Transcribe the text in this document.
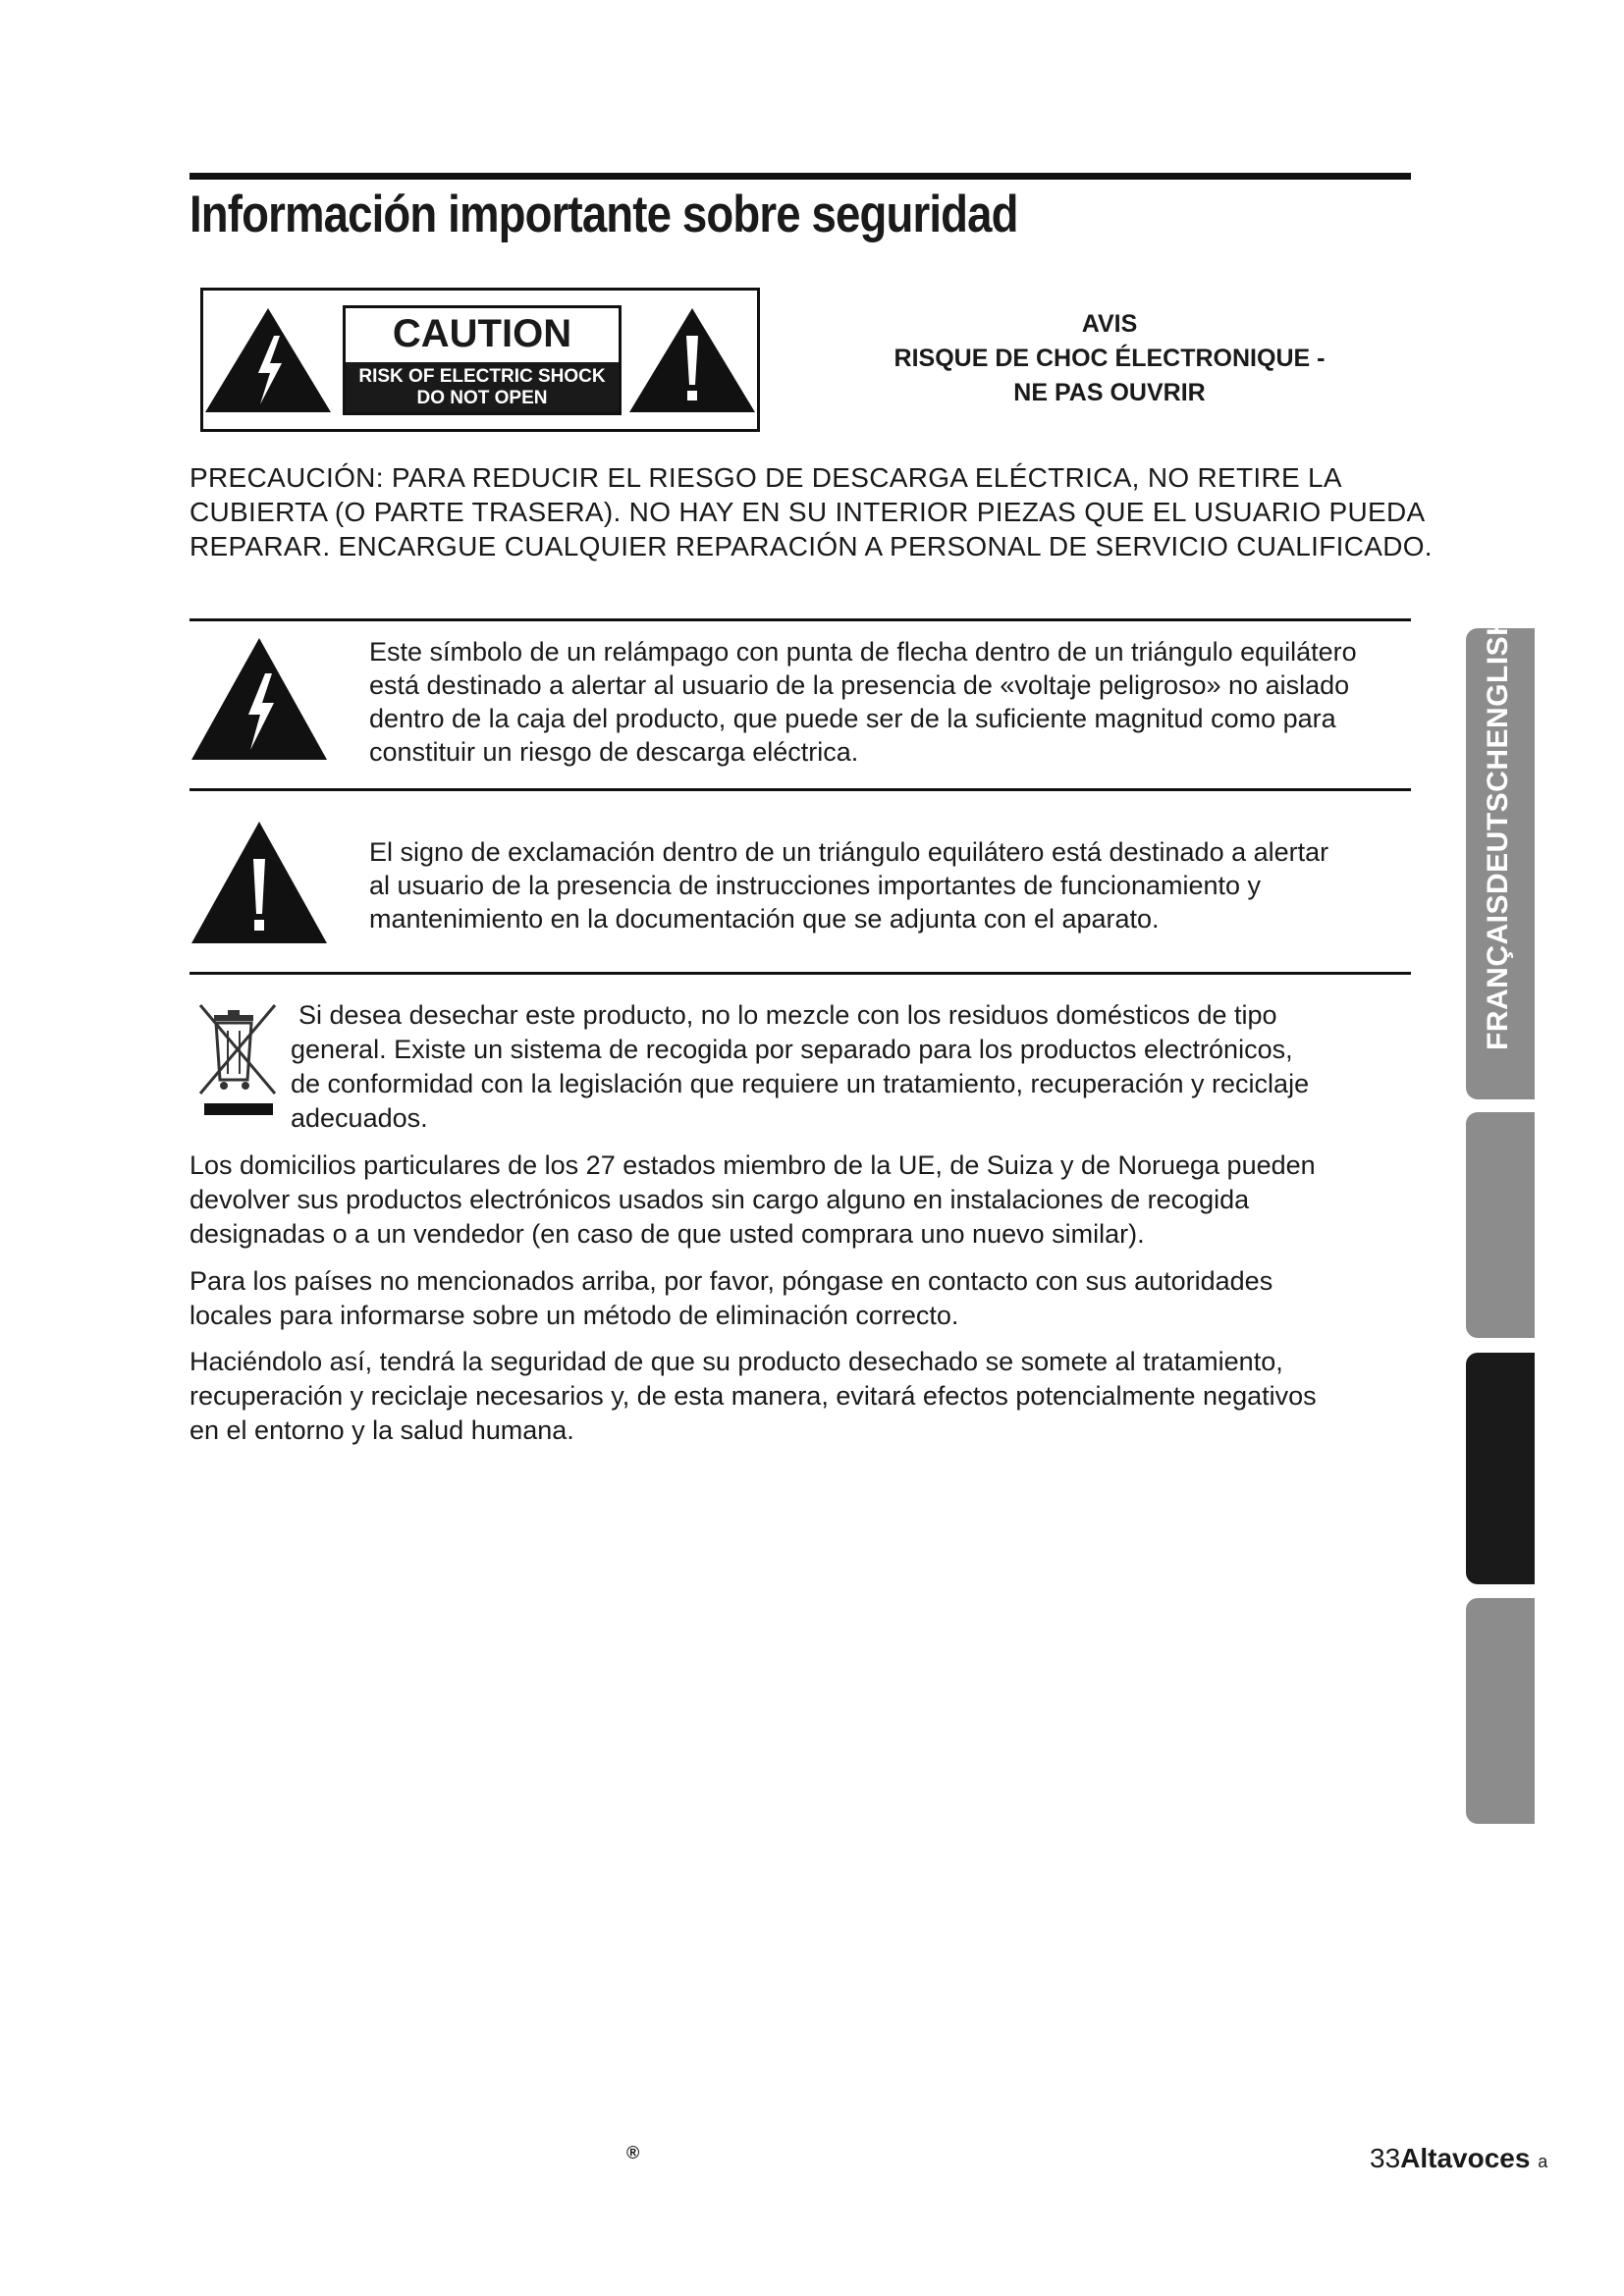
Información importante sobre seguridad
CAUTION
RISK OF ELECTRIC SHOCK
DO NOT OPEN
AVIS
RISQUE DE CHOC ÉLECTRONIQUE -
NE PAS OUVRIR
PRECAUCIÓN: PARA REDUCIR EL RIESGO DE DESCARGA ELÉCTRICA, NO RETIRE LA
CUBIERTA (O PARTE TRASERA). NO HAY EN SU INTERIOR PIEZAS QUE EL USUARIO PUEDA
REPARAR. ENCARGUE CUALQUIER REPARACIÓN A PERSONAL DE SERVICIO CUALIFICADO.
Este símbolo de un relámpago con punta de flecha dentro de un triángulo equilátero
está destinado a alertar al usuario de la presencia de «voltaje peligroso» no aislado
dentro de la caja del producto, que puede ser de la suficiente magnitud como para
constituir un riesgo de descarga eléctrica.
El signo de exclamación dentro de un triángulo equilátero está destinado a alertar
al usuario de la presencia de instrucciones importantes de funcionamiento y
mantenimiento en la documentación que se adjunta con el aparato.
Si desea desechar este producto, no lo mezcle con los residuos domésticos de tipo
general. Existe un sistema de recogida por separado para los productos electrónicos,
de conformidad con la legislación que requiere un tratamiento, recuperación y reciclaje
adecuados.
Los domicilios particulares de los 27 estados miembro de la UE, de Suiza y de Noruega pueden
devolver sus productos electrónicos usados sin cargo alguno en instalaciones de recogida
designadas o a un vendedor (en caso de que usted comprara uno nuevo similar).
Para los países no mencionados arriba, por favor, póngase en contacto con sus autoridades
locales para informarse sobre un método de eliminación correcto.
Haciéndolo así, tendrá la seguridad de que su producto desechado se somete al tratamiento,
recuperación y reciclaje necesarios y, de esta manera, evitará efectos potencialmente negativos
en el entorno y la salud humana.
FRANÇAISDEUTSCHENGLISHESPAÑOL
®	33Altavoces a
